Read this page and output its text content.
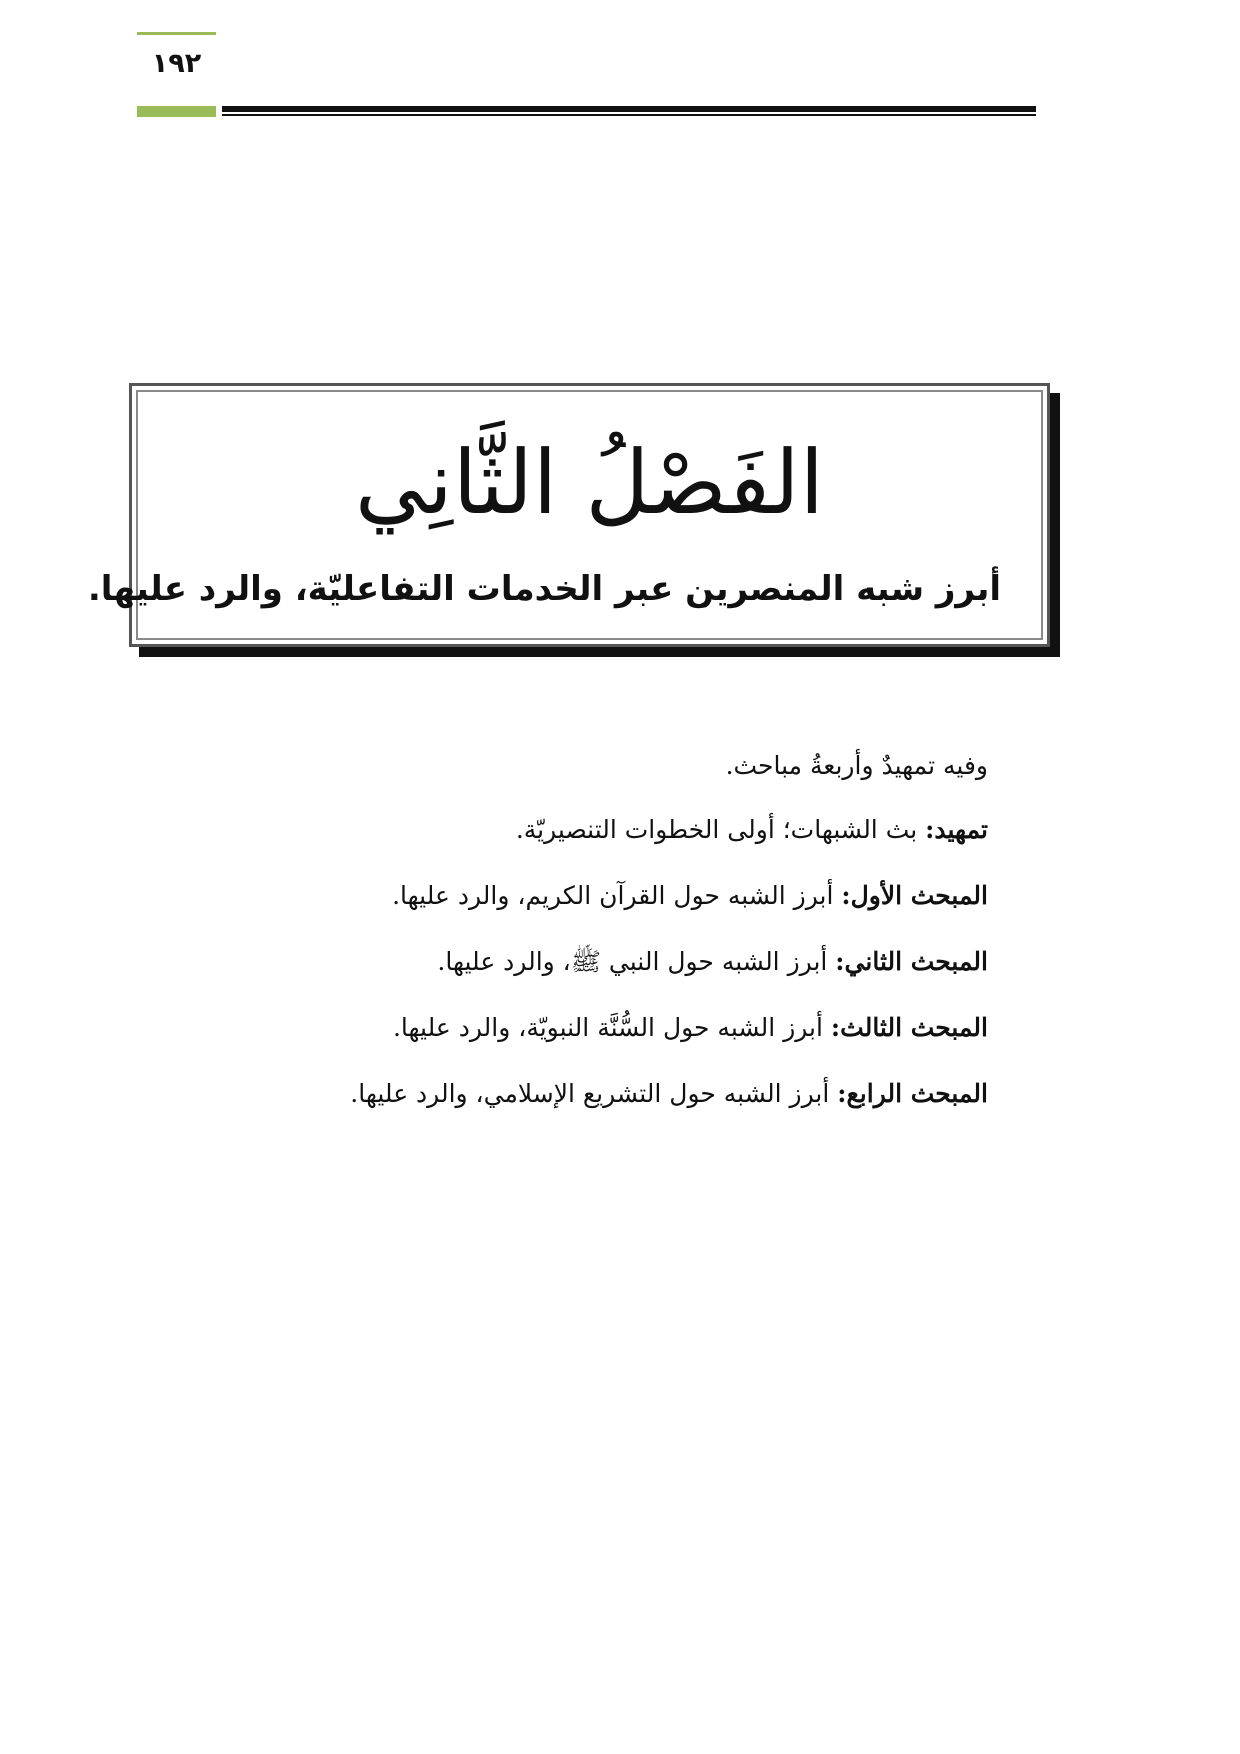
١٩٢
الفَصْلُ الثَّانِي
أبرز شبه المنصرين عبر الخدمات التفاعليّة، والرد عليها.
وفيه تمهيدٌ وأربعةُ مباحث.
تمهيد: بث الشبهات؛ أولى الخطوات التنصيريّة.
المبحث الأول: أبرز الشبه حول القرآن الكريم، والرد عليها.
المبحث الثاني: أبرز الشبه حول النبي ﷺ، والرد عليها.
المبحث الثالث: أبرز الشبه حول السُّنَّة النبويّة، والرد عليها.
المبحث الرابع: أبرز الشبه حول التشريع الإسلامي، والرد عليها.
